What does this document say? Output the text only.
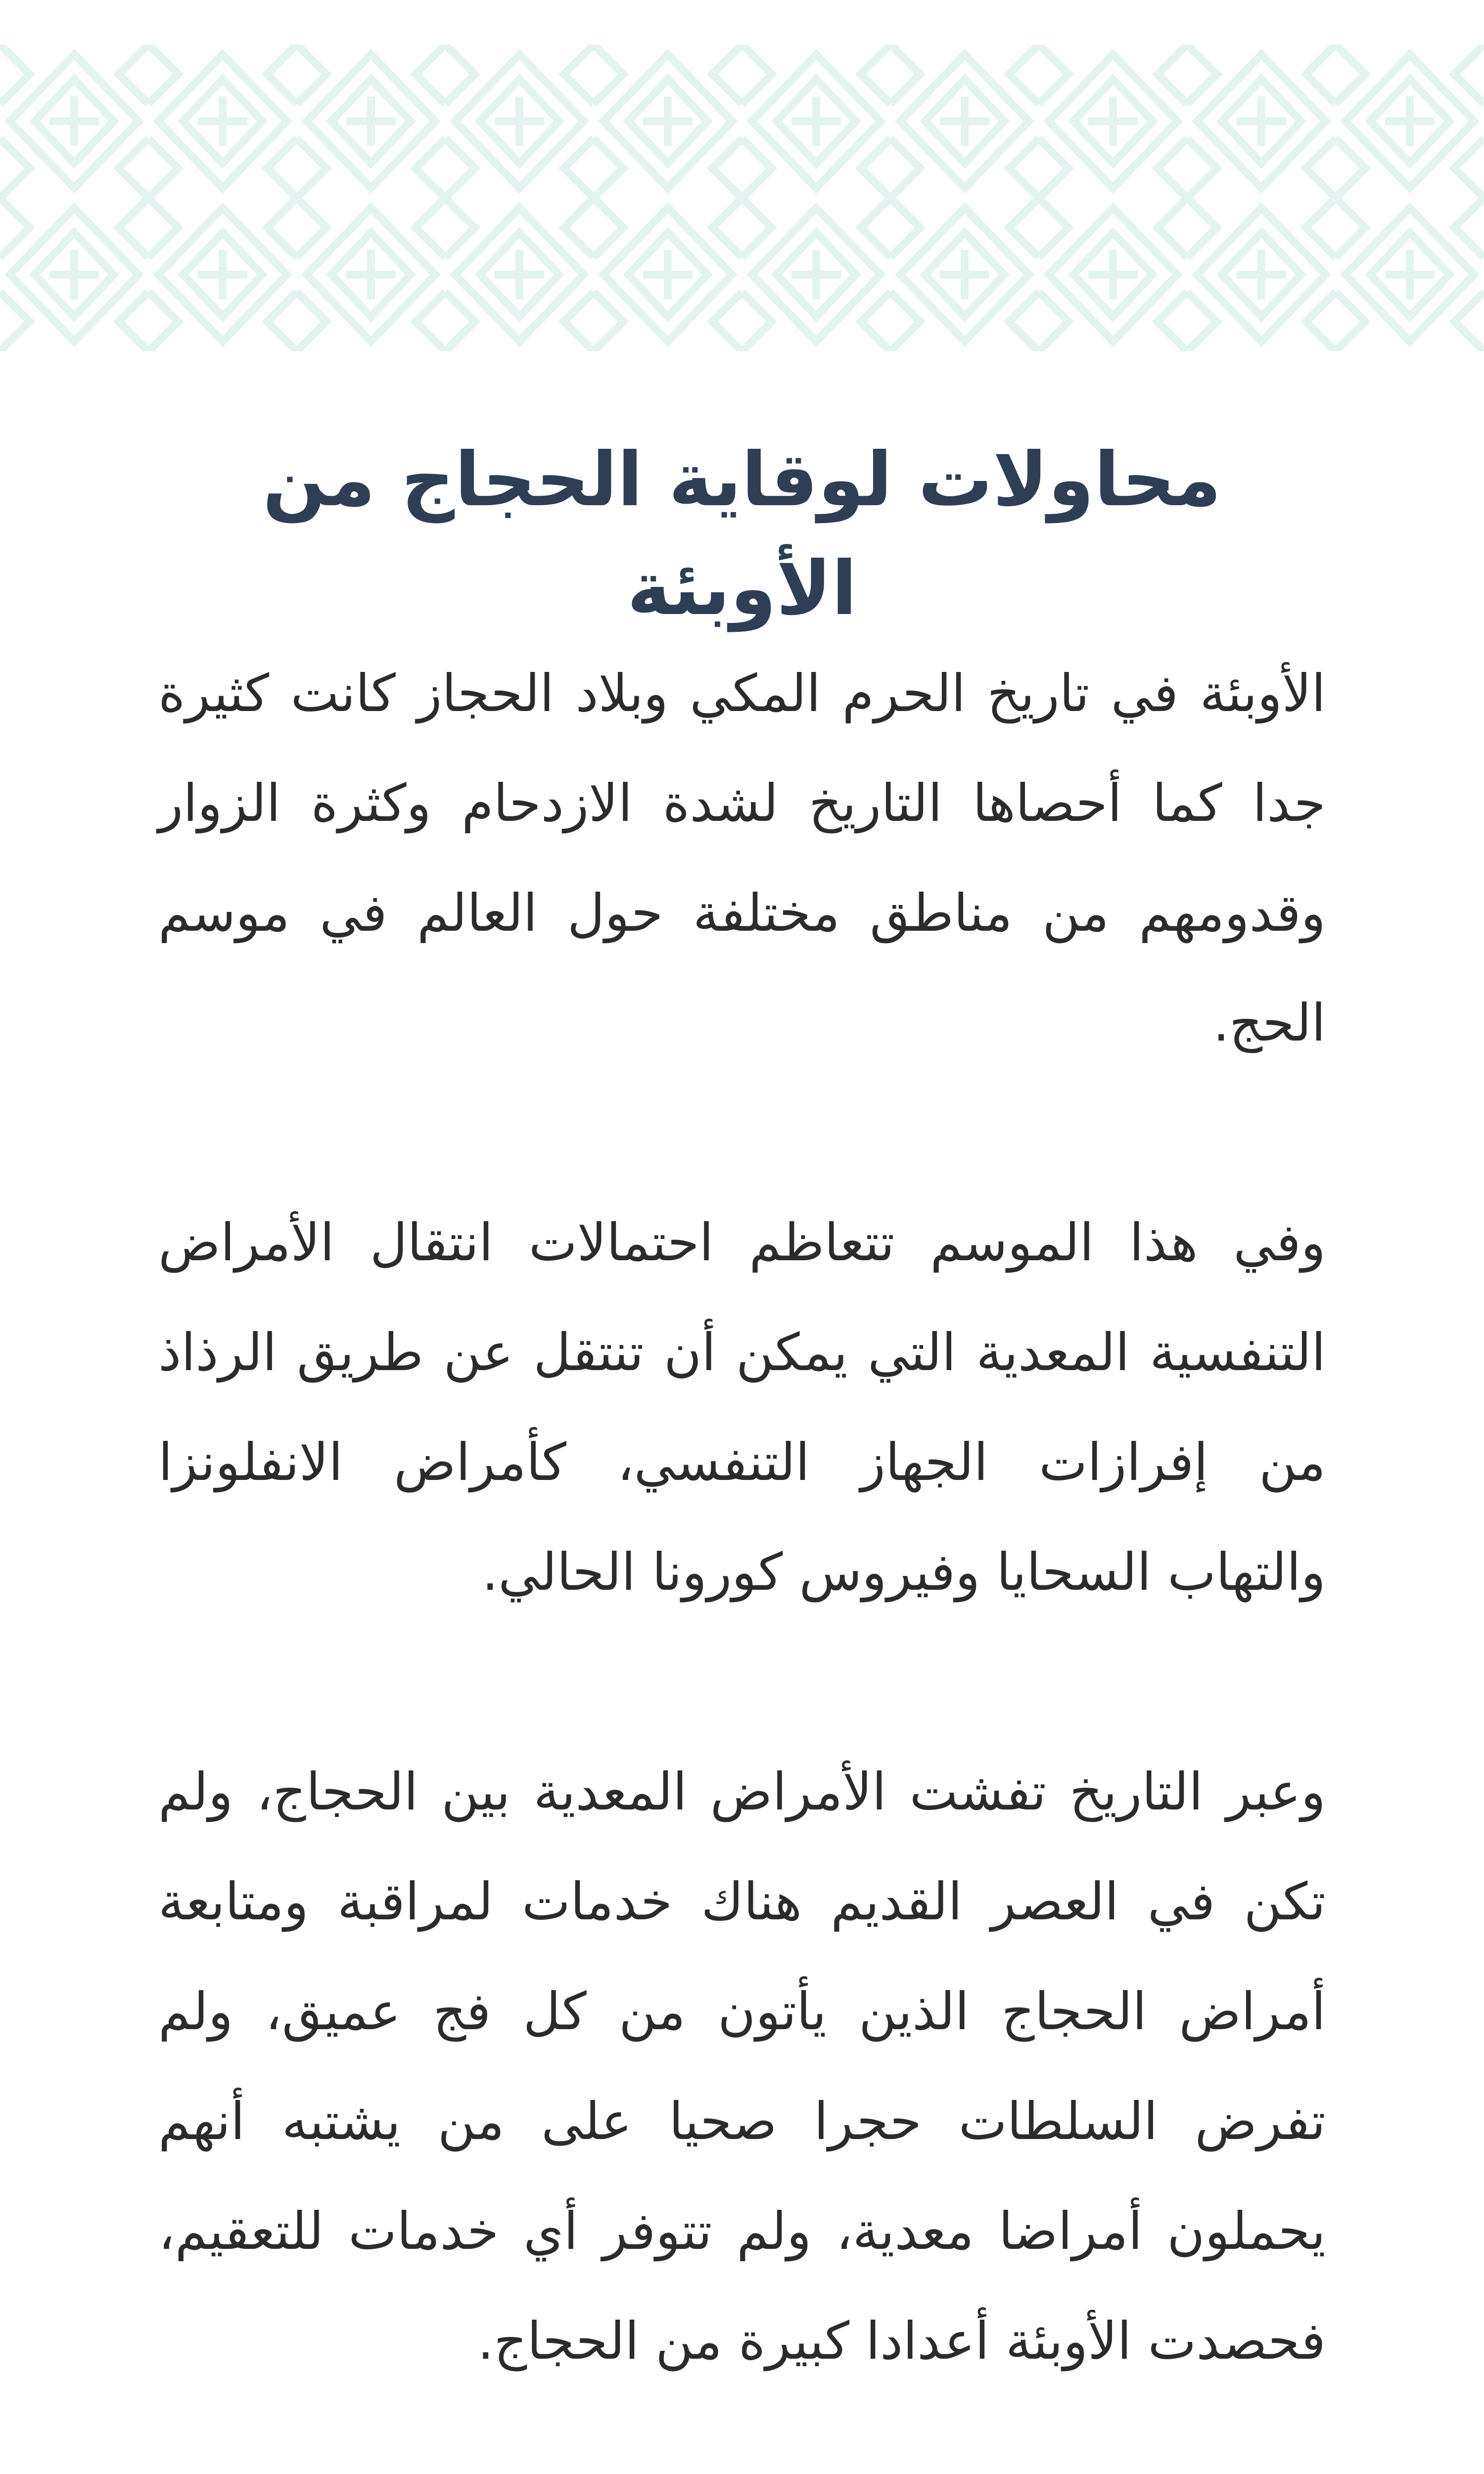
محاولات لوقاية الحجاج من الأوبئة

الأوبئة في تاريخ الحرم المكي وبلاد الحجاز كانت كثيرة جدا كما أحصاها التاريخ لشدة الازدحام وكثرة الزوار وقدومهم من مناطق مختلفة حول العالم في موسم الحج.

وفي هذا الموسم تتعاظم احتمالات انتقال الأمراض التنفسية المعدية التي يمكن أن تنتقل عن طريق الرذاذ من إفرازات الجهاز التنفسي، كأمراض الانفلونزا والتهاب السحايا وفيروس كورونا الحالي.

وعبر التاريخ تفشت الأمراض المعدية بين الحجاج، ولم تكن في العصر القديم هناك خدمات لمراقبة ومتابعة أمراض الحجاج الذين يأتون من كل فج عميق، ولم تفرض السلطات حجرا صحيا على من يشتبه أنهم يحملون أمراضا معدية، ولم تتوفر أي خدمات للتعقيم، فحصدت الأوبئة أعدادا كبيرة من الحجاج.
